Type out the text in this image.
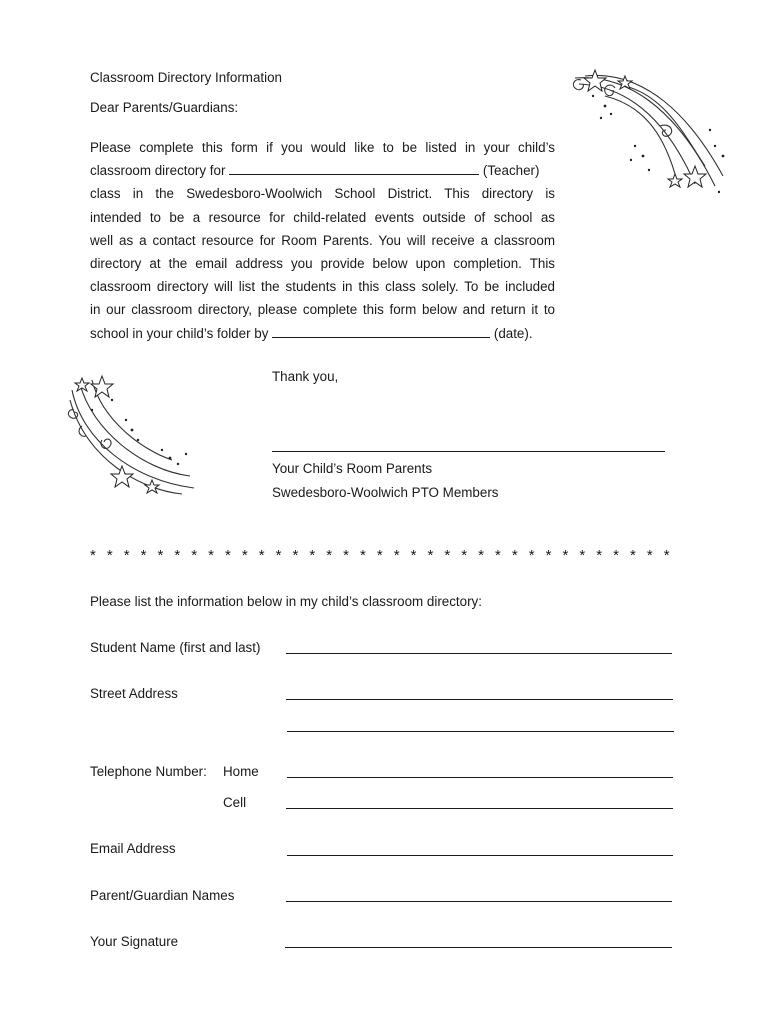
Classroom Directory Information
Dear Parents/Guardians:
Please complete this form if you would like to be listed in your child’s
classroom directory for	(Teacher)
class in the Swedesboro-Woolwich School District. This directory is
intended to be a resource for child-related events outside of school as
well as a contact resource for Room Parents. You will receive a classroom
directory at the email address you provide below upon completion. This
classroom directory will list the students in this class solely. To be included
in our classroom directory, please complete this form below and return it to
school in your child’s folder by	(date).
Thank you,
Your Child’s Room Parents
Swedesboro-Woolwich PTO Members
* * * * * * * * * * * * * * * * * * * * * * * * * * * * * * * * * * *
Please list the information below in my child’s classroom directory:
Student Name (first and last)
Street Address
Telephone Number: Home
Cell
Email Address
Parent/Guardian Names
Your Signature
